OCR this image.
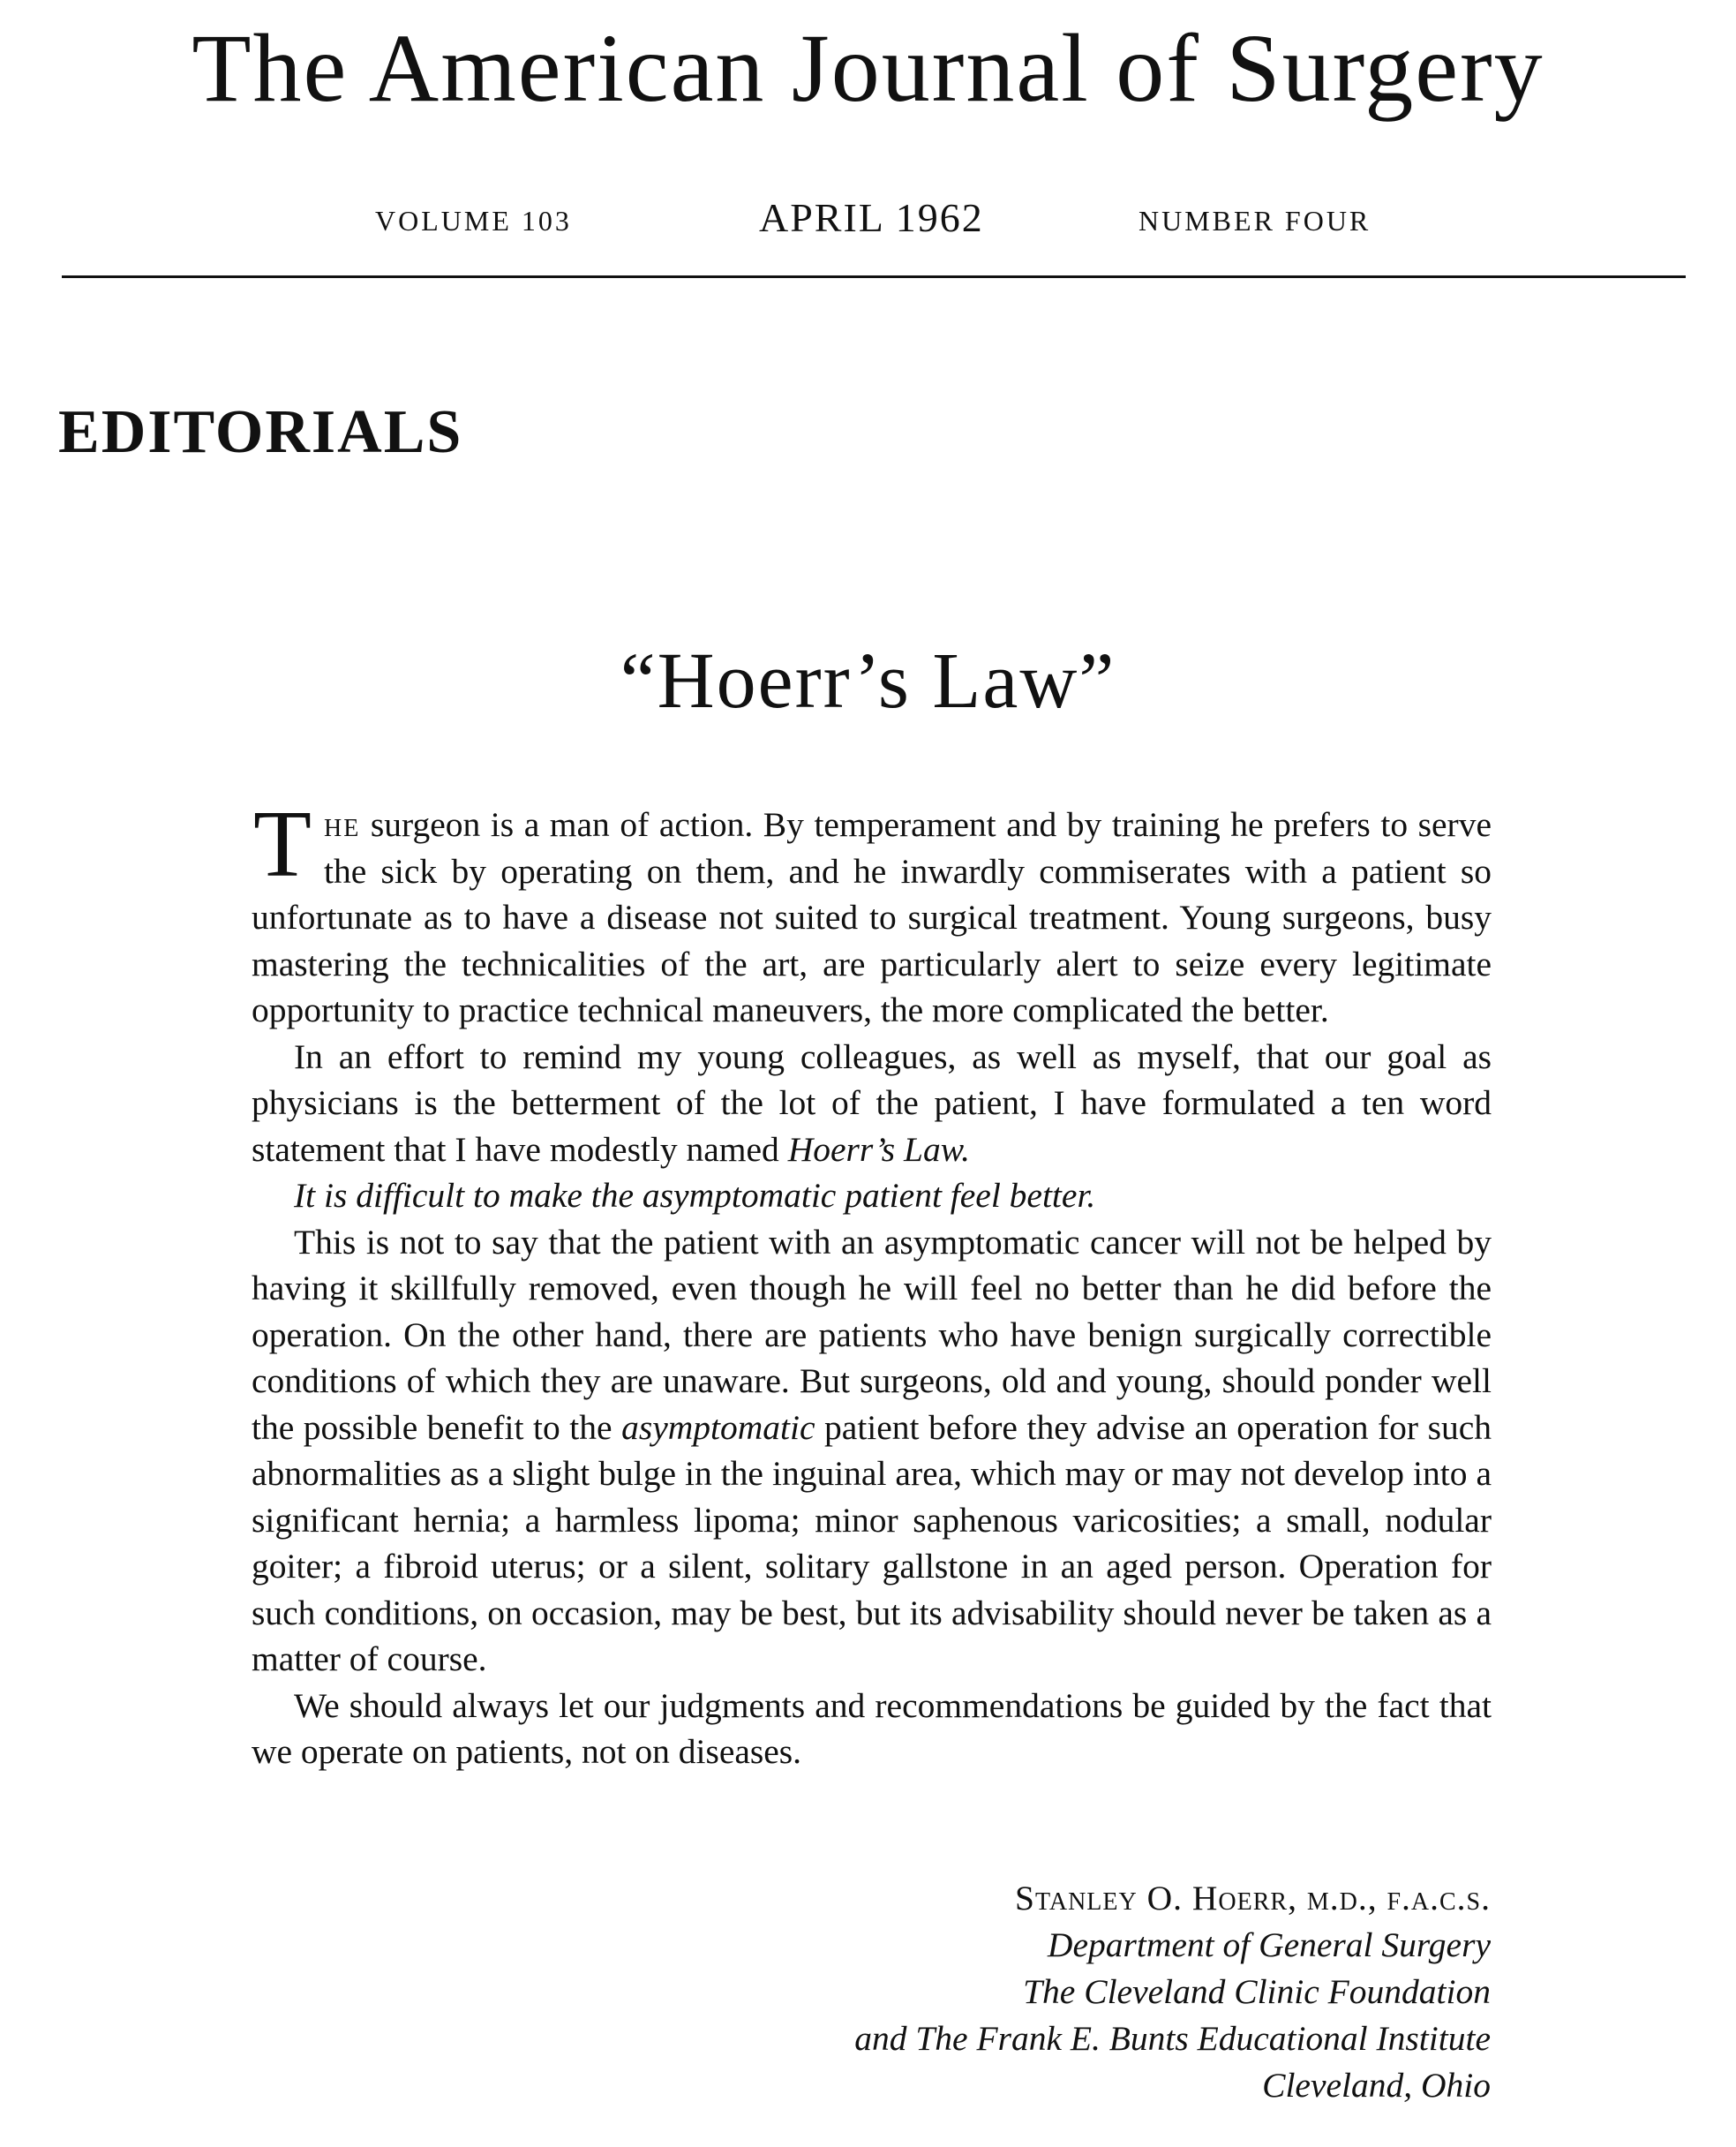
The American Journal of Surgery
VOLUME 103	APRIL 1962	NUMBER FOUR
EDITORIALS
“Hoerr’s Law”

The surgeon is a man of action. By temperament and by training he prefers to serve the sick by operating on them, and he inwardly commiserates with a patient so unfortunate as to have a disease not suited to surgical treatment. Young surgeons, busy mastering the technicalities of the art, are particularly alert to seize every legitimate opportunity to practice technical maneuvers, the more complicated the better.

In an effort to remind my young colleagues, as well as myself, that our goal as physicians is the betterment of the lot of the patient, I have formulated a ten word statement that I have modestly named Hoerr’s Law.

It is difficult to make the asymptomatic patient feel better.

This is not to say that the patient with an asymptomatic cancer will not be helped by having it skillfully removed, even though he will feel no better than he did before the operation. On the other hand, there are patients who have benign surgically correctible conditions of which they are unaware. But surgeons, old and young, should ponder well the possible benefit to the asymptomatic patient before they advise an operation for such abnormalities as a slight bulge in the inguinal area, which may or may not develop into a significant hernia; a harmless lipoma; minor saphenous varicosities; a small, nodular goiter; a fibroid uterus; or a silent, solitary gallstone in an aged person. Operation for such conditions, on occasion, may be best, but its advisability should never be taken as a matter of course.

We should always let our judgments and recommendations be guided by the fact that we operate on patients, not on diseases.

Stanley O. Hoerr, m.d., f.a.c.s.
Department of General Surgery
The Cleveland Clinic Foundation
and The Frank E. Bunts Educational Institute
Cleveland, Ohio
